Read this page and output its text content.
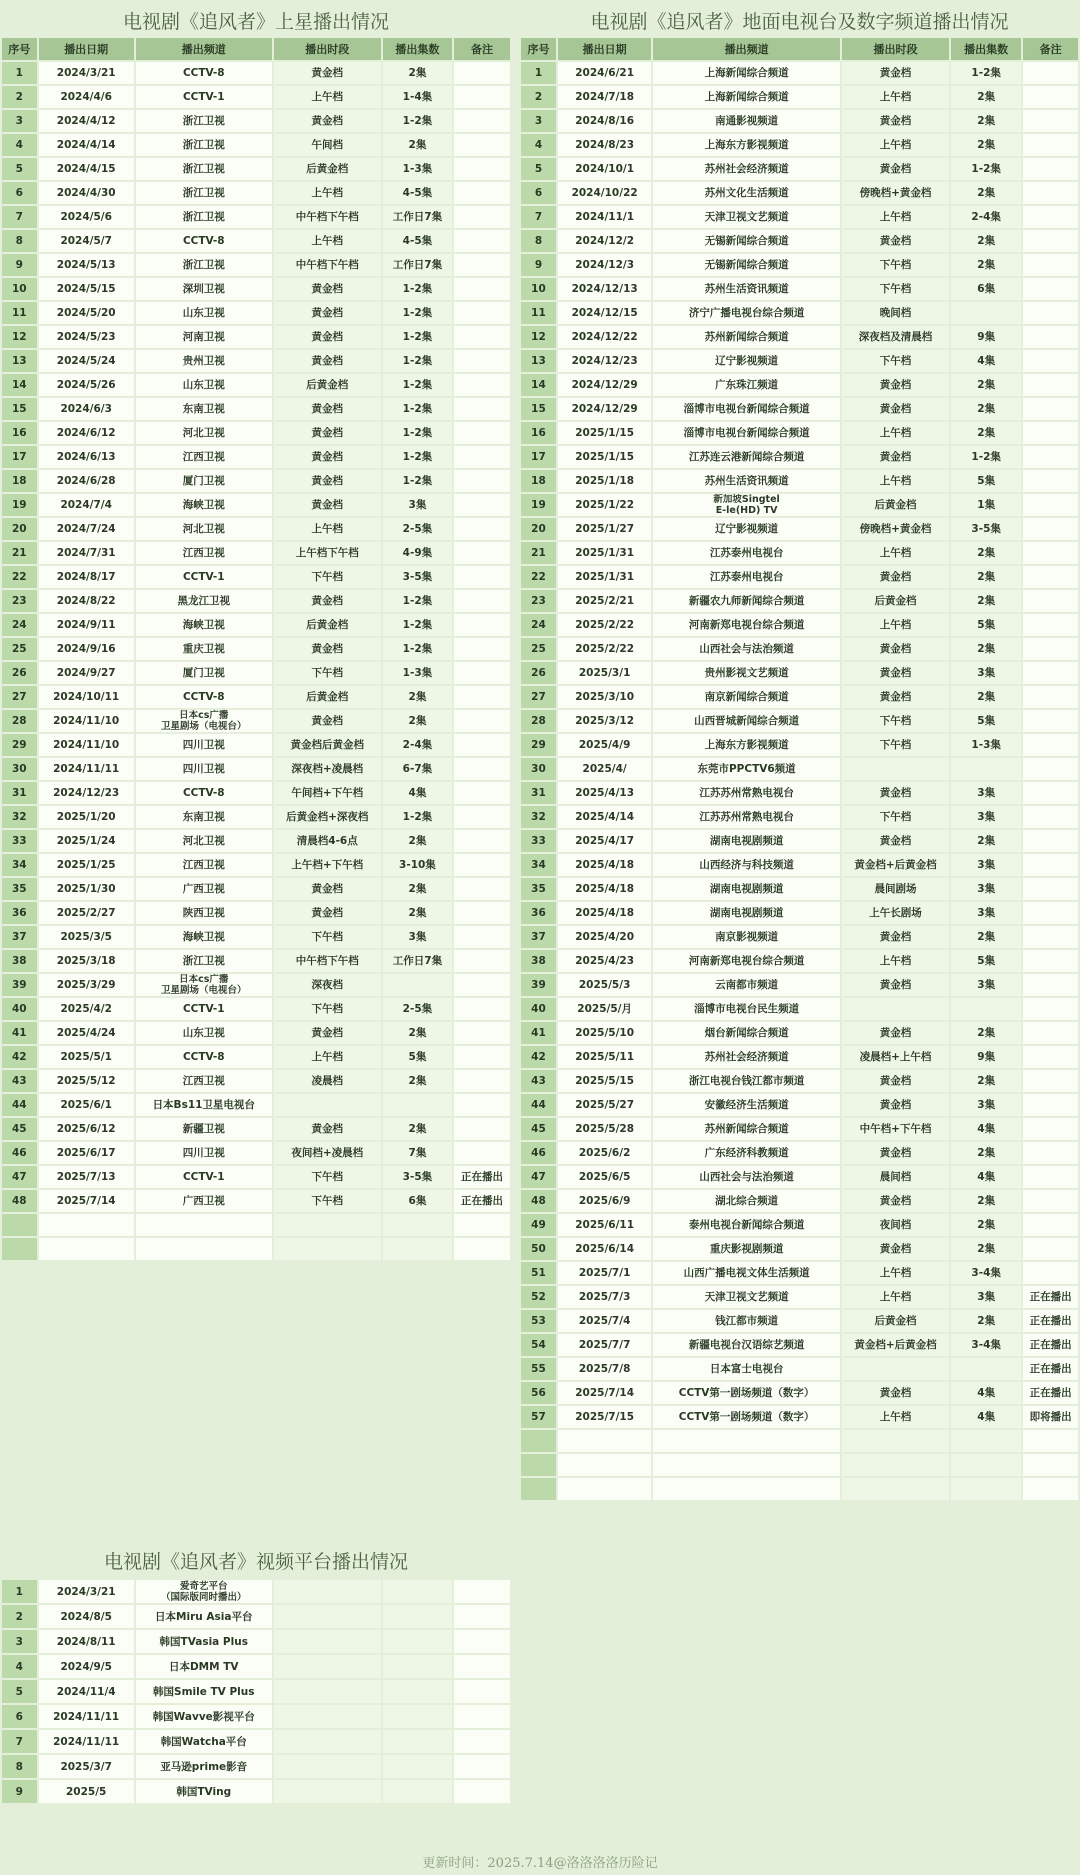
电视剧《追风者》上星播出情况
序号	播出日期	播出频道	播出时段	播出集数	备注
1	2024/3/21	CCTV-8	黄金档	2集	
2	2024/4/6	CCTV-1	上午档	1-4集	
3	2024/4/12	浙江卫视	黄金档	1-2集	
4	2024/4/14	浙江卫视	午间档	2集	
5	2024/4/15	浙江卫视	后黄金档	1-3集	
6	2024/4/30	浙江卫视	上午档	4-5集	
7	2024/5/6	浙江卫视	中午档下午档	工作日7集	
8	2024/5/7	CCTV-8	上午档	4-5集	
9	2024/5/13	浙江卫视	中午档下午档	工作日7集	
10	2024/5/15	深圳卫视	黄金档	1-2集	
11	2024/5/20	山东卫视	黄金档	1-2集	
12	2024/5/23	河南卫视	黄金档	1-2集	
13	2024/5/24	贵州卫视	黄金档	1-2集	
14	2024/5/26	山东卫视	后黄金档	1-2集	
15	2024/6/3	东南卫视	黄金档	1-2集	
16	2024/6/12	河北卫视	黄金档	1-2集	
17	2024/6/13	江西卫视	黄金档	1-2集	
18	2024/6/28	厦门卫视	黄金档	1-2集	
19	2024/7/4	海峡卫视	黄金档	3集	
20	2024/7/24	河北卫视	上午档	2-5集	
21	2024/7/31	江西卫视	上午档下午档	4-9集	
22	2024/8/17	CCTV-1	下午档	3-5集	
23	2024/8/22	黑龙江卫视	黄金档	1-2集	
24	2024/9/11	海峡卫视	后黄金档	1-2集	
25	2024/9/16	重庆卫视	黄金档	1-2集	
26	2024/9/27	厦门卫视	下午档	1-3集	
27	2024/10/11	CCTV-8	后黄金档	2集	
28	2024/11/10	日本cs广播
卫星剧场（电视台）	黄金档	2集	
29	2024/11/10	四川卫视	黄金档后黄金档	2-4集	
30	2024/11/11	四川卫视	深夜档+凌晨档	6-7集	
31	2024/12/23	CCTV-8	午间档+下午档	4集	
32	2025/1/20	东南卫视	后黄金档+深夜档	1-2集	
33	2025/1/24	河北卫视	清晨档4-6点	2集	
34	2025/1/25	江西卫视	上午档+下午档	3-10集	
35	2025/1/30	广西卫视	黄金档	2集	
36	2025/2/27	陕西卫视	黄金档	2集	
37	2025/3/5	海峡卫视	下午档	3集	
38	2025/3/18	浙江卫视	中午档下午档	工作日7集	
39	2025/3/29	日本cs广播
卫星剧场（电视台）	深夜档		
40	2025/4/2	CCTV-1	下午档	2-5集	
41	2025/4/24	山东卫视	黄金档	2集	
42	2025/5/1	CCTV-8	上午档	5集	
43	2025/5/12	江西卫视	凌晨档	2集	
44	2025/6/1	日本Bs11卫星电视台			
45	2025/6/12	新疆卫视	黄金档	2集	
46	2025/6/17	四川卫视	夜间档+凌晨档	7集	
47	2025/7/13	CCTV-1	下午档	3-5集	正在播出
48	2025/7/14	广西卫视	下午档	6集	正在播出

电视剧《追风者》地面电视台及数字频道播出情况
序号	播出日期	播出频道	播出时段	播出集数	备注
1	2024/6/21	上海新闻综合频道	黄金档	1-2集	
2	2024/7/18	上海新闻综合频道	上午档	2集	
3	2024/8/16	南通影视频道	黄金档	2集	
4	2024/8/23	上海东方影视频道	上午档	2集	
5	2024/10/1	苏州社会经济频道	黄金档	1-2集	
6	2024/10/22	苏州文化生活频道	傍晚档+黄金档	2集	
7	2024/11/1	天津卫视文艺频道	上午档	2-4集	
8	2024/12/2	无锡新闻综合频道	黄金档	2集	
9	2024/12/3	无锡新闻综合频道	下午档	2集	
10	2024/12/13	苏州生活资讯频道	下午档	6集	
11	2024/12/15	济宁广播电视台综合频道	晚间档		
12	2024/12/22	苏州新闻综合频道	深夜档及清晨档	9集	
13	2024/12/23	辽宁影视频道	下午档	4集	
14	2024/12/29	广东珠江频道	黄金档	2集	
15	2024/12/29	淄博市电视台新闻综合频道	黄金档	2集	
16	2025/1/15	淄博市电视台新闻综合频道	上午档	2集	
17	2025/1/15	江苏连云港新闻综合频道	黄金档	1-2集	
18	2025/1/18	苏州生活资讯频道	上午档	5集	
19	2025/1/22	新加坡Singtel
E-le(HD) TV	后黄金档	1集	
20	2025/1/27	辽宁影视频道	傍晚档+黄金档	3-5集	
21	2025/1/31	江苏泰州电视台	上午档	2集	
22	2025/1/31	江苏泰州电视台	黄金档	2集	
23	2025/2/21	新疆农九师新闻综合频道	后黄金档	2集	
24	2025/2/22	河南新郑电视台综合频道	上午档	5集	
25	2025/2/22	山西社会与法治频道	黄金档	2集	
26	2025/3/1	贵州影视文艺频道	黄金档	3集	
27	2025/3/10	南京新闻综合频道	黄金档	2集	
28	2025/3/12	山西晋城新闻综合频道	下午档	5集	
29	2025/4/9	上海东方影视频道	下午档	1-3集	
30	2025/4/	东莞市PPCTV6频道			
31	2025/4/13	江苏苏州常熟电视台	黄金档	3集	
32	2025/4/14	江苏苏州常熟电视台	下午档	3集	
33	2025/4/17	湖南电视剧频道	黄金档	2集	
34	2025/4/18	山西经济与科技频道	黄金档+后黄金档	3集	
35	2025/4/18	湖南电视剧频道	晨间剧场	3集	
36	2025/4/18	湖南电视剧频道	上午长剧场	3集	
37	2025/4/20	南京影视频道	黄金档	2集	
38	2025/4/23	河南新郑电视台综合频道	上午档	5集	
39	2025/5/3	云南都市频道	黄金档	3集	
40	2025/5/月	淄博市电视台民生频道			
41	2025/5/10	烟台新闻综合频道	黄金档	2集	
42	2025/5/11	苏州社会经济频道	凌晨档+上午档	9集	
43	2025/5/15	浙江电视台钱江都市频道	黄金档	2集	
44	2025/5/27	安徽经济生活频道	黄金档	3集	
45	2025/5/28	苏州新闻综合频道	中午档+下午档	4集	
46	2025/6/2	广东经济科教频道	黄金档	2集	
47	2025/6/5	山西社会与法治频道	晨间档	4集	
48	2025/6/9	湖北综合频道	黄金档	2集	
49	2025/6/11	泰州电视台新闻综合频道	夜间档	2集	
50	2025/6/14	重庆影视剧频道	黄金档	2集	
51	2025/7/1	山西广播电视文体生活频道	上午档	3-4集	
52	2025/7/3	天津卫视文艺频道	上午档	3集	正在播出
53	2025/7/4	钱江都市频道	后黄金档	2集	正在播出
54	2025/7/7	新疆电视台汉语综艺频道	黄金档+后黄金档	3-4集	正在播出
55	2025/7/8	日本富士电视台			正在播出
56	2025/7/14	CCTV第一剧场频道（数字）	黄金档	4集	正在播出
57	2025/7/15	CCTV第一剧场频道（数字）	上午档	4集	即将播出

电视剧《追风者》视频平台播出情况
1	2024/3/21	爱奇艺平台
（国际版同时播出）			
2	2024/8/5	日本Miru Asia平台			
3	2024/8/11	韩国TVasia Plus			
4	2024/9/5	日本DMM TV			
5	2024/11/4	韩国Smile TV Plus			
6	2024/11/11	韩国Wavve影视平台			
7	2024/11/11	韩国Watcha平台			
8	2025/3/7	亚马逊prime影音			
9	2025/5	韩国TVing			
更新时间：2025.7.14@洛洛洛洛历险记
